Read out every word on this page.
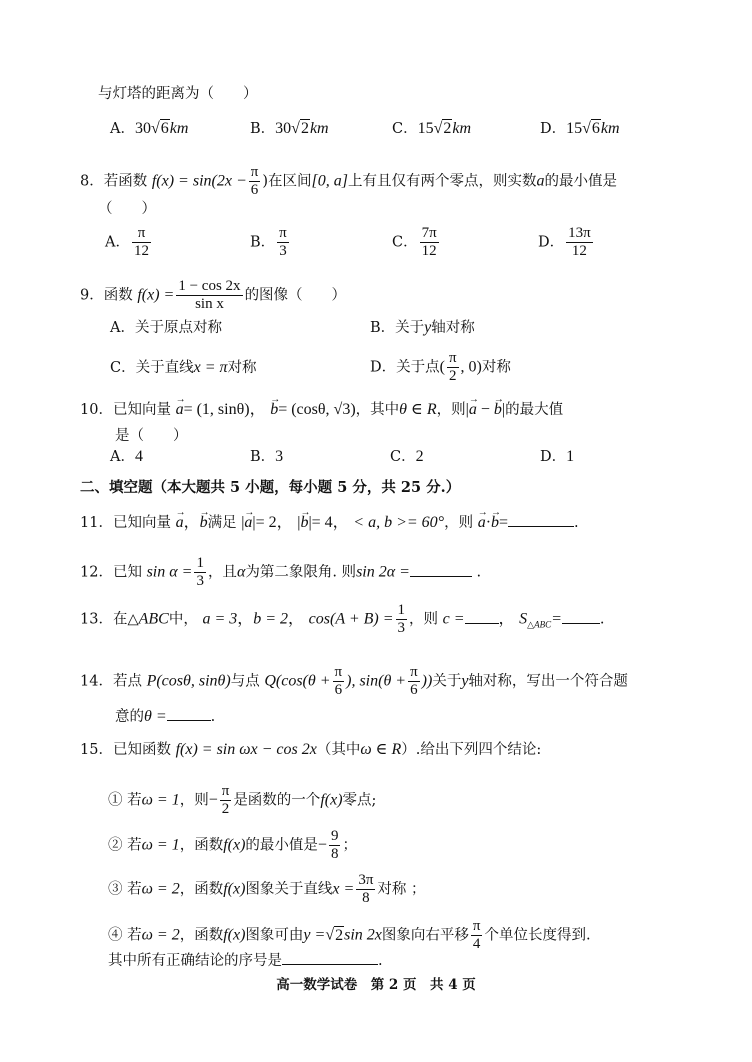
与灯塔的距离为（　　）
A．30√6km	B．30√2km	C．15√2km	D．15√6km
8．若函数 $f(x) = \sin(2x - \frac{\pi}{6}$ )在区间[0, a]上有且仅有两个零点，则实数a的最小值是
（　　）
A． $\frac{\pi}{12}$	B． $\frac{\pi}{3}$	C． $\frac{7\pi}{12}$	D． $\frac{13\pi}{12}$
9．函数 $f(x) = \frac{1 - \cos 2x}{\text{sin x}}$ 的图像（　　）
A．关于原点对称	B．关于y轴对称
C．关于直线x = π对称	D．关于点( $\frac{\pi}{2}$ , 0)对称
10．已知向量 → a= (1, sinθ)， → b= (cosθ, √3)，其中θ ∈ R，则|→ a − → b|的最大值
是（　　）
A．4	B．3	C．2	D．1
二、填空题（本大题共 5 小题，每小题 5 分，共 25 分.）
11．已知向量 → a，→ b满足 |→ a|= 2， |→ b|= 4， < a, b >= 60°，则 → a·→ b=	.
12．已知 $\sin \alpha = \frac{1}{3}$ ，且α为第二象限角. 则sin 2α =	.
13．在△ABC中， a = 3，b = 2， $\cos(A + B) = \frac{1}{3}$ ，则 c = ， $S_{\triangle ABC}=$	.
14．若点 P(cosθ, sinθ)与点 $Q(\cos(\theta + \frac{\pi}{6}$ ), $\sin(\theta + \frac{\pi}{6}$ ))关于y轴对称，写出一个符合题
意的θ =	.
15．已知函数 f(x) = sin ωx − cos 2x（其中ω ∈ R）.给出下列四个结论:
① 若ω = 1，则− $\frac{\pi}{2}$ 是函数的一个f(x)零点;
② 若ω = 1，函数f(x)的最小值是− $\frac{9}{8}$ ；
③ 若ω = 2，函数f(x)图象关于直线$x = \frac{3\pi}{8}$ 对称 ；
④ 若ω = 2，函数f(x)图象可由y =√2sin 2x图象向右平移 $\frac{\pi}{4}$ 个单位长度得到.
其中所有正确结论的序号是	.
高一数学试卷　第 2 页　共 4 页
